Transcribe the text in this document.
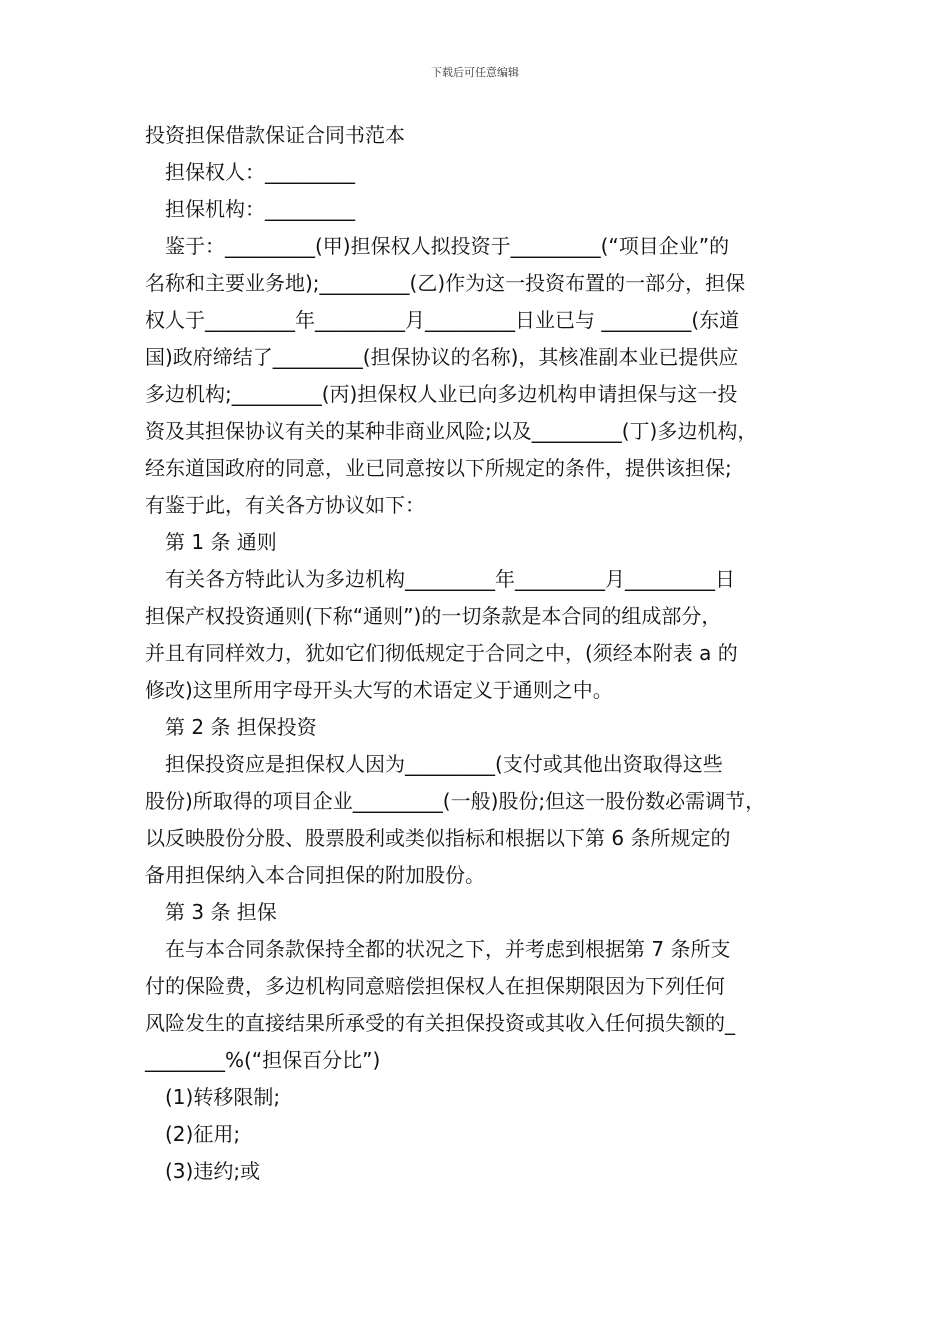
下载后可任意编辑
投资担保借款保证合同书范本
担保权人：_________
担保机构：_________
鉴于：_________(甲)担保权人拟投资于_________(“项目企业”的
名称和主要业务地);_________(乙)作为这一投资布置的一部分，担保
权人于_________年_________月_________日业已与 _________(东道
国)政府缔结了_________(担保协议的名称)，其核准副本业已提供应
多边机构;_________(丙)担保权人业已向多边机构申请担保与这一投
资及其担保协议有关的某种非商业风险;以及_________(丁)多边机构，
经东道国政府的同意，业已同意按以下所规定的条件，提供该担保;
有鉴于此，有关各方协议如下：
第 1 条 通则
有关各方特此认为多边机构_________年_________月_________日
担保产权投资通则(下称“通则”)的一切条款是本合同的组成部分，
并且有同样效力，犹如它们彻低规定于合同之中，(须经本附表 a 的
修改)这里所用字母开头大写的术语定义于通则之中。
第 2 条 担保投资
担保投资应是担保权人因为_________(支付或其他出资取得这些
股份)所取得的项目企业_________(一般)股份;但这一股份数必需调节，
以反映股份分股、股票股利或类似指标和根据以下第 6 条所规定的
备用担保纳入本合同担保的附加股份。
第 3 条 担保
在与本合同条款保持全都的状况之下，并考虑到根据第 7 条所支
付的保险费，多边机构同意赔偿担保权人在担保期限因为下列任何
风险发生的直接结果所承受的有关担保投资或其收入任何损失额的_
________%(“担保百分比”)
(1)转移限制;
(2)征用;
(3)违约;或
